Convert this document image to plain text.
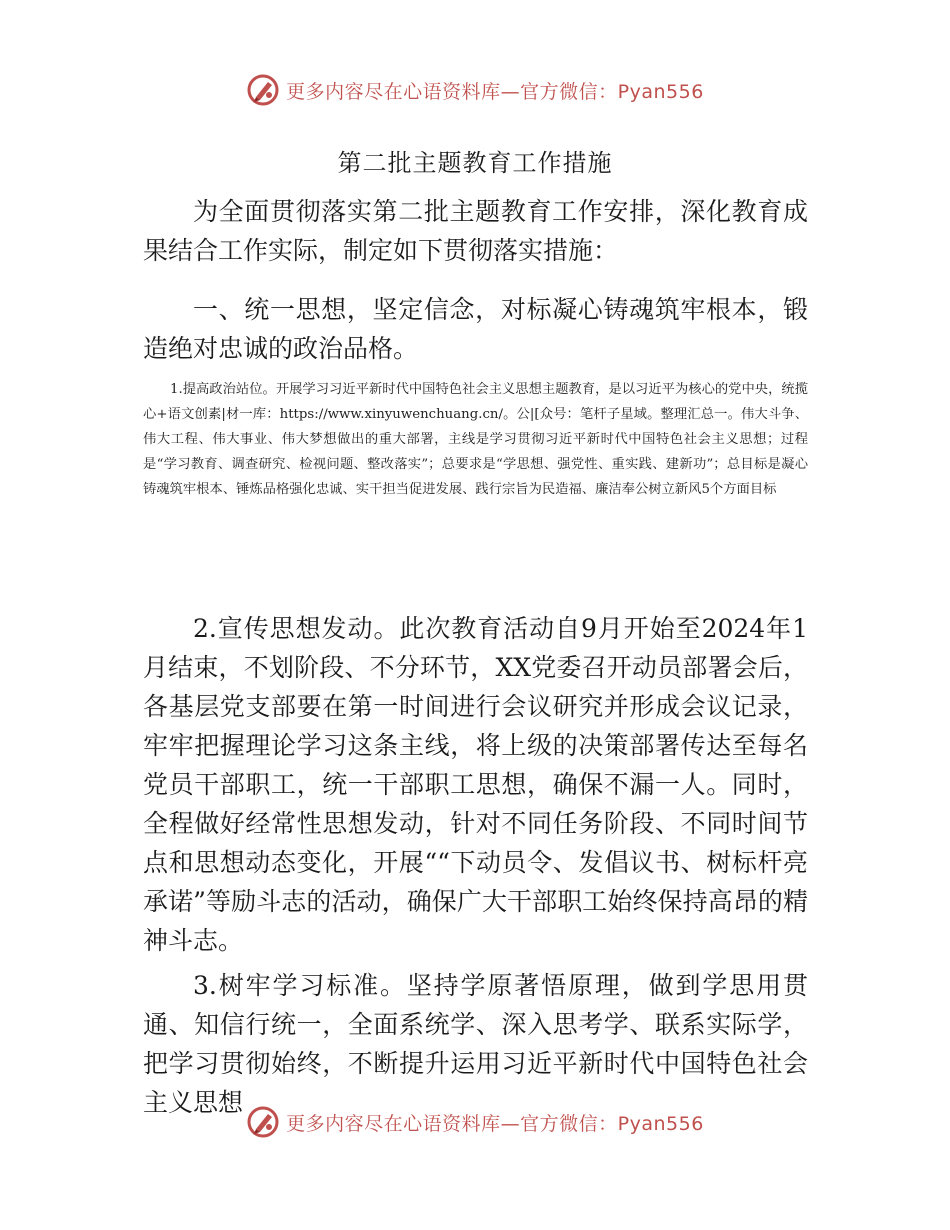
更多内容尽在心语资料库—官方微信：Pyan556
第二批主题教育工作措施

为全面贯彻落实第二批主题教育工作安排，深化教育成果结合工作实际，制定如下贯彻落实措施：

一、统一思想，坚定信念，对标凝心铸魂筑牢根本，锻造绝对忠诚的政治品格。

1.提高政治站位。开展学习习近平新时代中国特色社会主义思想主题教育，是以习近平为核心的党中央，统揽心+语文创素|材一库：https://www.xinyuwenchuang.cn/。公|[众号：笔杆子星域。整理汇总一。伟大斗争、伟大工程、伟大事业、伟大梦想做出的重大部署，主线是学习贯彻习近平新时代中国特色社会主义思想；过程是“学习教育、调查研究、检视问题、整改落实”；总要求是“学思想、强党性、重实践、建新功”；总目标是凝心铸魂筑牢根本、锤炼品格强化忠诚、实干担当促进发展、践行宗旨为民造福、廉洁奉公树立新风5个方面目标

2.宣传思想发动。此次教育活动自9月开始至2024年1月结束，不划阶段、不分环节，XX党委召开动员部署会后，各基层党支部要在第一时间进行会议研究并形成会议记录，牢牢把握理论学习这条主线，将上级的决策部署传达至每名党员干部职工，统一干部职工思想，确保不漏一人。同时，全程做好经常性思想发动，针对不同任务阶段、不同时间节点和思想动态变化，开展““下动员令、发倡议书、树标杆亮承诺”等励斗志的活动，确保广大干部职工始终保持高昂的精神斗志。

3.树牢学习标准。坚持学原著悟原理，做到学思用贯通、知信行统一，全面系统学、深入思考学、联系实际学，把学习贯彻始终，不断提升运用习近平新时代中国特色社会主义思想

更多内容尽在心语资料库—官方微信：Pyan556
